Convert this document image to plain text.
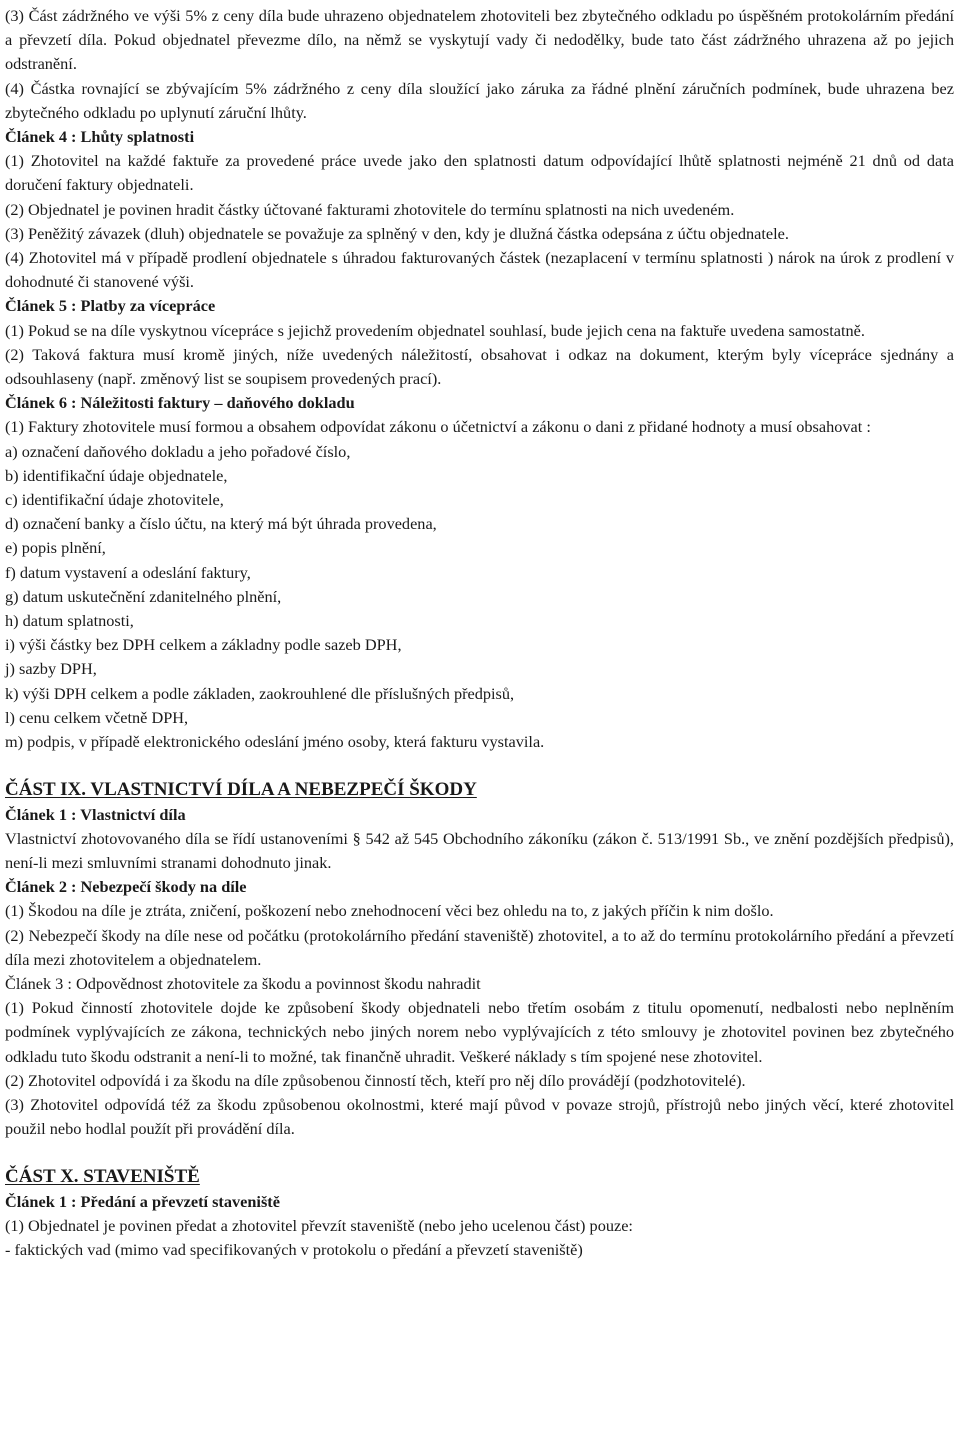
(3) Část zádržného ve výši 5% z ceny díla bude uhrazeno objednatelem zhotoviteli bez zbytečného odkladu po úspěšném protokolárním předání a převzetí díla. Pokud objednatel převezme dílo, na němž se vyskytují vady či nedodělky, bude tato část zádržného uhrazena až po jejich odstranění.

(4) Částka rovnající se zbývajícím 5% zádržného z ceny díla sloužící jako záruka za řádné plnění záručních podmínek, bude uhrazena bez zbytečného odkladu po uplynutí záruční lhůty.

Článek 4 : Lhůty splatnosti

(1) Zhotovitel na každé faktuře za provedené práce uvede jako den splatnosti datum odpovídající lhůtě splatnosti nejméně 21 dnů od data doručení faktury objednateli.

(2) Objednatel je povinen hradit částky účtované fakturami zhotovitele do termínu splatnosti na nich uvedeném.

(3) Peněžitý závazek (dluh) objednatele se považuje za splněný v den, kdy je dlužná částka odepsána z účtu objednatele.

(4) Zhotovitel má v případě prodlení objednatele s úhradou fakturovaných částek (nezaplacení v termínu splatnosti ) nárok na úrok z prodlení v dohodnuté či stanovené výši.

Článek 5 : Platby za vícepráce

(1) Pokud se na díle vyskytnou vícepráce s jejichž provedením objednatel souhlasí, bude jejich cena na faktuře uvedena samostatně.

(2) Taková faktura musí kromě jiných, níže uvedených náležitostí, obsahovat i odkaz na dokument, kterým byly vícepráce sjednány a odsouhlaseny (např. změnový list se soupisem provedených prací).

Článek 6 : Náležitosti faktury – daňového dokladu

(1) Faktury zhotovitele musí formou a obsahem odpovídat zákonu o účetnictví a zákonu o dani z přidané hodnoty a musí obsahovat :

a) označení daňového dokladu a jeho pořadové číslo,

b) identifikační údaje objednatele,

c) identifikační údaje zhotovitele,

d) označení banky a číslo účtu, na který má být úhrada provedena,

e) popis plnění,

f) datum vystavení a odeslání faktury,

g) datum uskutečnění zdanitelného plnění,

h) datum splatnosti,

i) výši částky bez DPH celkem a základny podle sazeb DPH,

j) sazby DPH,

k) výši DPH celkem a podle základen, zaokrouhlené dle příslušných předpisů,

l) cenu celkem včetně DPH,

m) podpis, v případě elektronického odeslání jméno osoby, která fakturu vystavila.

ČÁST IX. VLASTNICTVÍ DÍLA A NEBEZPEČÍ ŠKODY

Článek 1 : Vlastnictví díla

Vlastnictví zhotovovaného díla se řídí ustanoveními § 542 až 545 Obchodního zákoníku (zákon č. 513/1991 Sb., ve znění pozdějších předpisů), není-li mezi smluvními stranami dohodnuto jinak.

Článek 2 : Nebezpečí škody na díle

(1) Škodou na díle je ztráta, zničení, poškození nebo znehodnocení věci bez ohledu na to, z jakých příčin k nim došlo.

(2) Nebezpečí škody na díle nese od počátku (protokolárního předání staveniště) zhotovitel, a to až do termínu protokolárního předání a převzetí díla mezi zhotovitelem a objednatelem.

Článek 3 : Odpovědnost zhotovitele za škodu a povinnost škodu nahradit

(1) Pokud činností zhotovitele dojde ke způsobení škody objednateli nebo třetím osobám z titulu opomenutí, nedbalosti nebo neplněním podmínek vyplývajících ze zákona, technických nebo jiných norem nebo vyplývajících z této smlouvy je zhotovitel povinen bez zbytečného odkladu tuto škodu odstranit a není-li to možné, tak finančně uhradit. Veškeré náklady s tím spojené nese zhotovitel.

(2) Zhotovitel odpovídá i za škodu na díle způsobenou činností těch, kteří pro něj dílo provádějí (podzhotovitelé).

(3) Zhotovitel odpovídá též za škodu způsobenou okolnostmi, které mají původ v povaze strojů, přístrojů nebo jiných věcí, které zhotovitel použil nebo hodlal použít při provádění díla.

ČÁST X. STAVENIŠTĚ

Článek 1 : Předání a převzetí staveniště

(1) Objednatel je povinen předat a zhotovitel převzít staveniště (nebo jeho ucelenou část) pouze:

- faktických vad (mimo vad specifikovaných v protokolu o předání a převzetí staveniště)
